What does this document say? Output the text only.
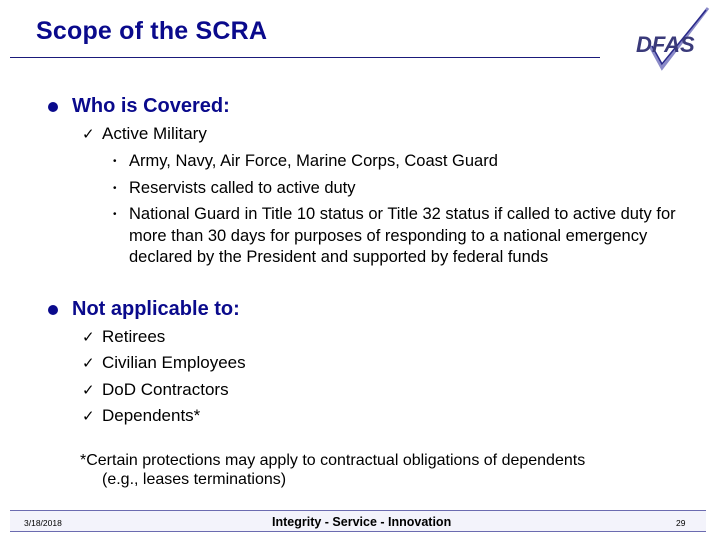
Scope of the SCRA	DFAS
Who is Covered:
✓ Active Military
• Army, Navy, Air Force, Marine Corps, Coast Guard
• Reservists called to active duty
• National Guard in Title 10 status or Title 32 status if called to active duty for more than 30 days for purposes of responding to a national emergency declared by the President and supported by federal funds
Not applicable to:
✓ Retirees
✓ Civilian Employees
✓ DoD Contractors
✓ Dependents*
*Certain protections may apply to contractual obligations of dependents
(e.g., leases terminations)
3/18/2018	Integrity - Service - Innovation	29
